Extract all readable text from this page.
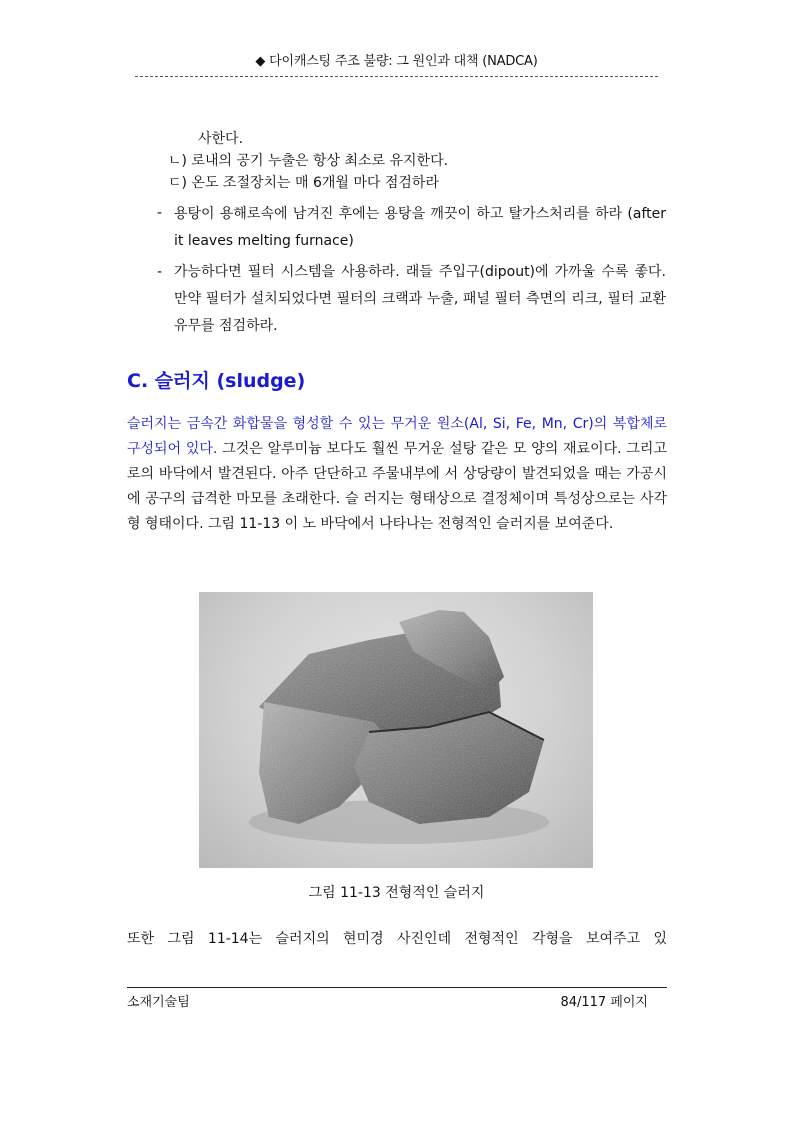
◆ 다이캐스팅 주조 불량: 그 원인과 대책 (NADCA)
사한다.
ㄴ) 로내의 공기 누출은 항상 최소로 유지한다.
ㄷ) 온도 조절장치는 매 6개월 마다 점검하라
- 용탕이 용해로속에 남겨진 후에는 용탕을 깨끗이 하고 탈가스처리를 하라 (after it leaves melting furnace)
- 가능하다면 필터 시스템을 사용하라. 래들 주입구(dipout)에 가까울 수록 좋다. 만약 필터가 설치되었다면 필터의 크랙과 누출, 패널 필터 측면의 리크, 필터 교환 유무를 점검하라.
C. 슬러지 (sludge)
슬러지는 금속간 화합물을 형성할 수 있는 무거운 원소(Al, Si, Fe, Mn, Cr)의 복합체로 구성되어 있다. 그것은 알루미늄 보다도 훨씬 무거운 설탕 같은 모 양의 재료이다. 그리고 로의 바닥에서 발견된다. 아주 단단하고 주물내부에 서 상당량이 발견되었을 때는 가공시에 공구의 급격한 마모를 초래한다. 슬 러지는 형태상으로 결정체이며 특성상으로는 사각형 형태이다. 그림 11-13 이 노 바닥에서 나타나는 전형적인 슬러지를 보여준다.
그림 11-13 전형적인 슬러지
또한 그림 11-14는 슬러지의 현미경 사진인데 전형적인 각형을 보여주고 있
소재기술팀	84/117 페이지
